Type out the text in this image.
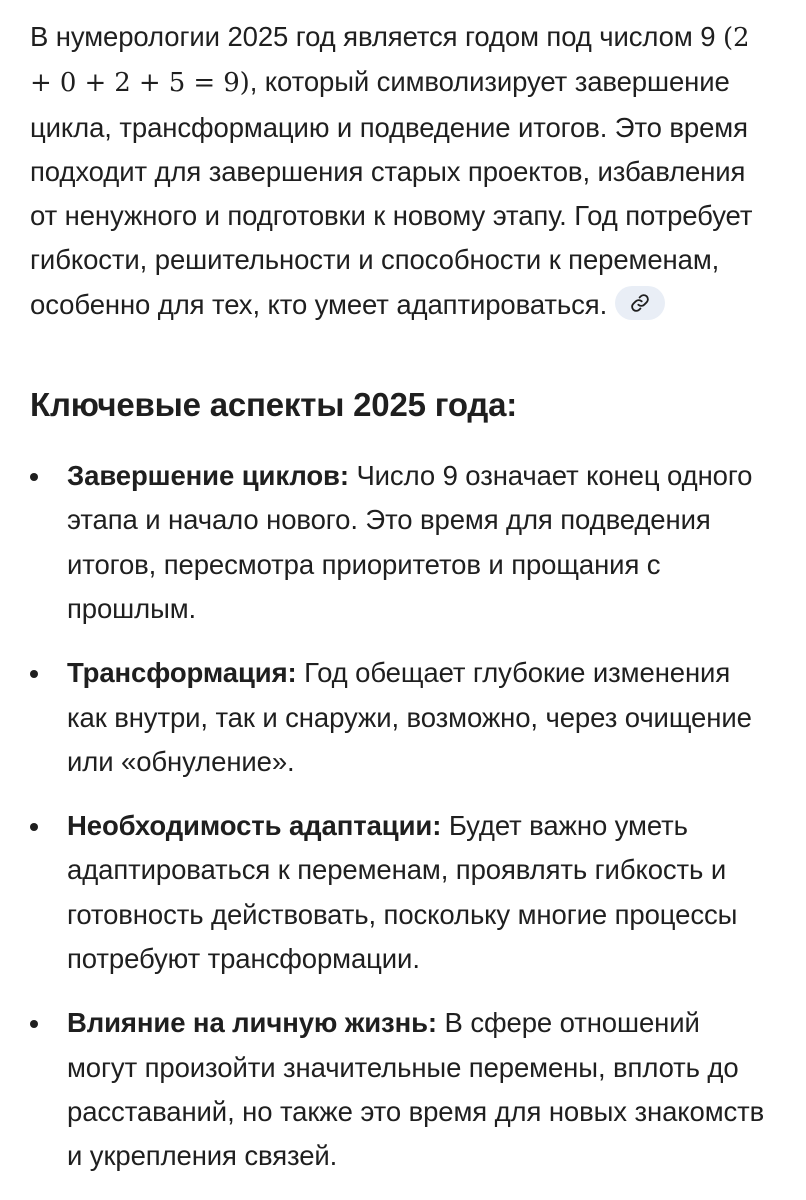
В нумерологии 2025 год является годом под числом 9 (2 + 0 + 2 + 5 = 9), который символизирует завершение цикла, трансформацию и подведение итогов. Это время подходит для завершения старых проектов, избавления от ненужного и подготовки к новому этапу. Год потребует гибкости, решительности и способности к переменам, особенно для тех, кто умеет адаптироваться.

Ключевые аспекты 2025 года:
Завершение циклов: Число 9 означает конец одного этапа и начало нового. Это время для подведения итогов, пересмотра приоритетов и прощания с прошлым.
Трансформация: Год обещает глубокие изменения как внутри, так и снаружи, возможно, через очищение или «обнуление».
Необходимость адаптации: Будет важно уметь адаптироваться к переменам, проявлять гибкость и готовность действовать, поскольку многие процессы потребуют трансформации.
Влияние на личную жизнь: В сфере отношений могут произойти значительные перемены, вплоть до расставаний, но также это время для новых знакомств и укрепления связей.
